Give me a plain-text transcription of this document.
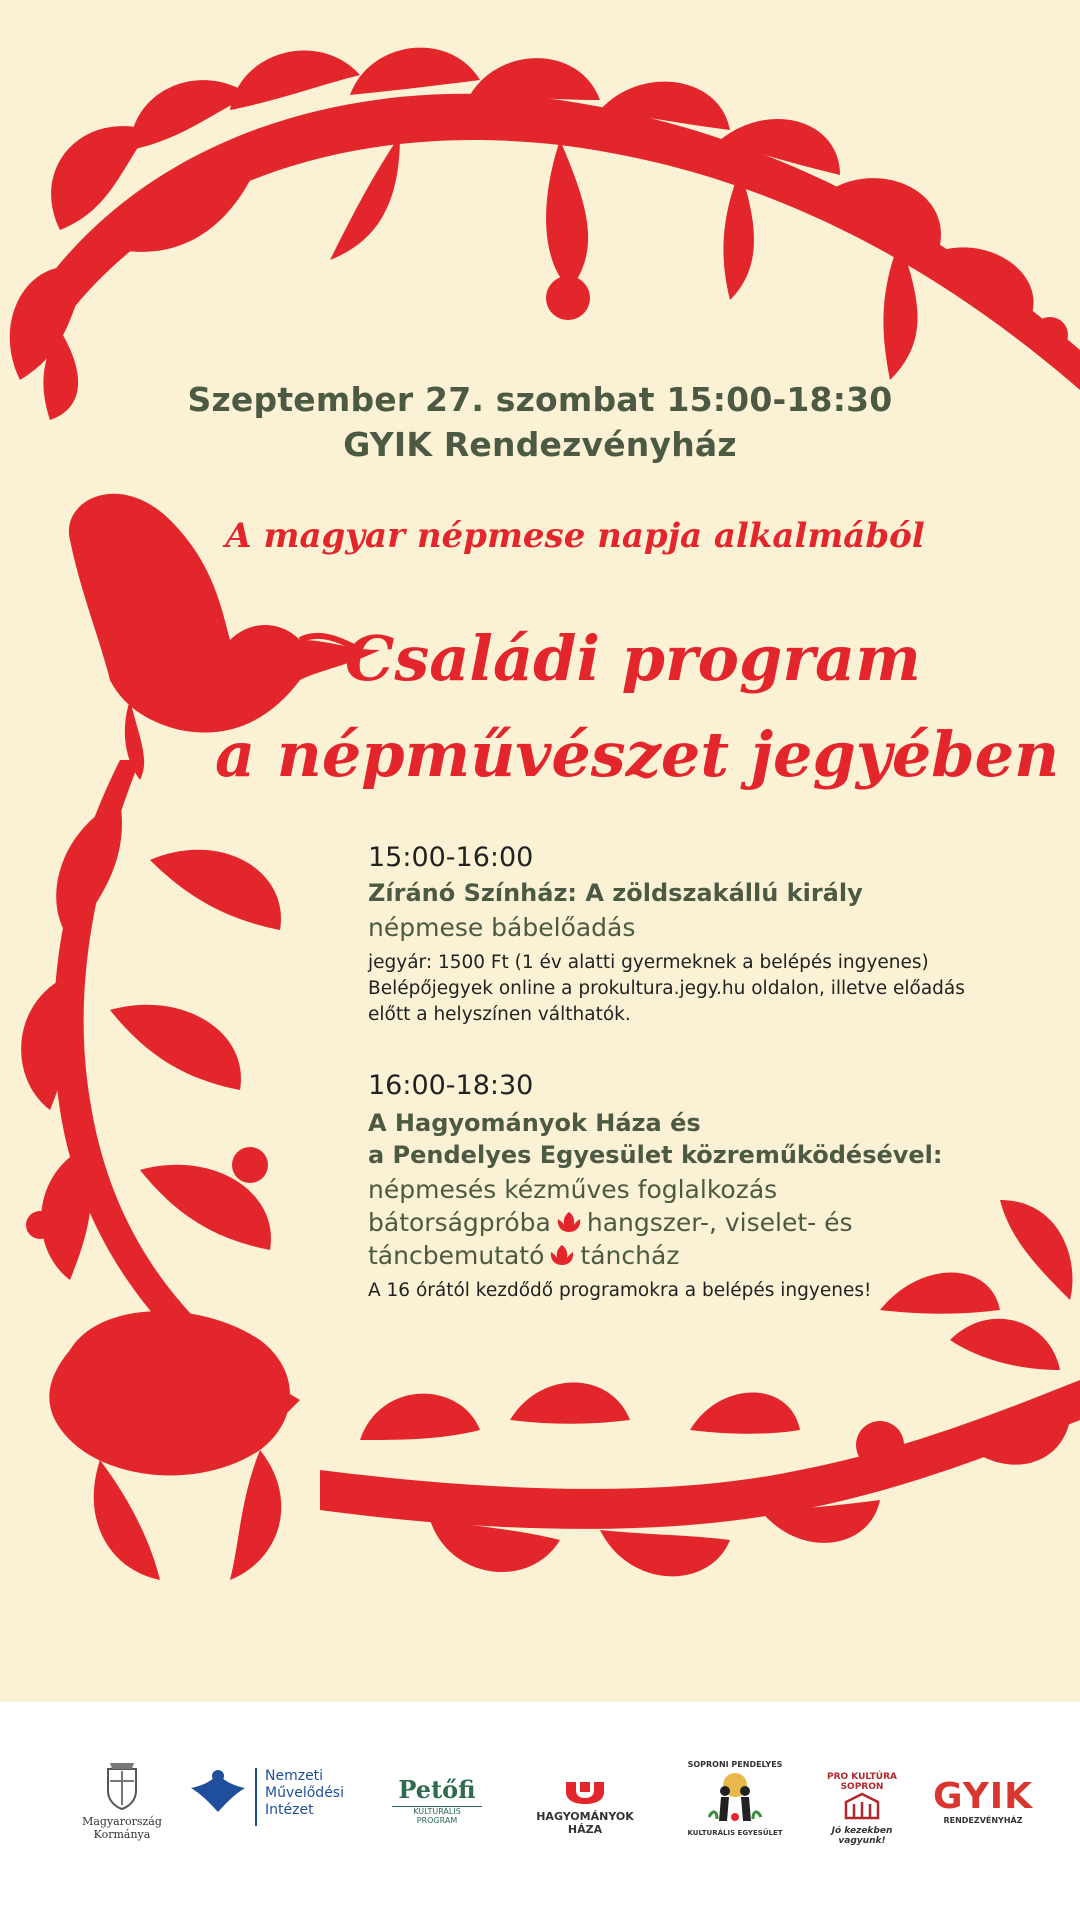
Szeptember 27. szombat 15:00-18:30
GYIK Rendezvényház
A magyar népmese napja alkalmából
Családi program
a népművészet jegyében
15:00-16:00
Zíránó Színház: A zöldszakállú király
népmese bábelőadás
jegyár: 1500 Ft (1 év alatti gyermeknek a belépés ingyenes)
Belépőjegyek online a prokultura.jegy.hu oldalon, illetve előadás
előtt a helyszínen válthatók.
16:00-18:30
A Hagyományok Háza és
a Pendelyes Egyesület közreműködésével:
népmesés kézműves foglalkozás
bátorságpróba hangszer-, viselet- és
táncbemutató táncház
A 16 órától kezdődő programokra a belépés ingyenes!
Magyarország
Kormánya
Nemzeti
Művelődési
Intézet
Petőfi
KULTURÁLIS PROGRAM	HAGYOMÁNYOK
HÁZA
SOPRONI PENDELYES
KULTURÁLIS EGYESÜLET
PRO KULTÚRA SOPRON
Jó kezekben vagyunk!
GYIK
RENDEZVÉNYHÁZ
